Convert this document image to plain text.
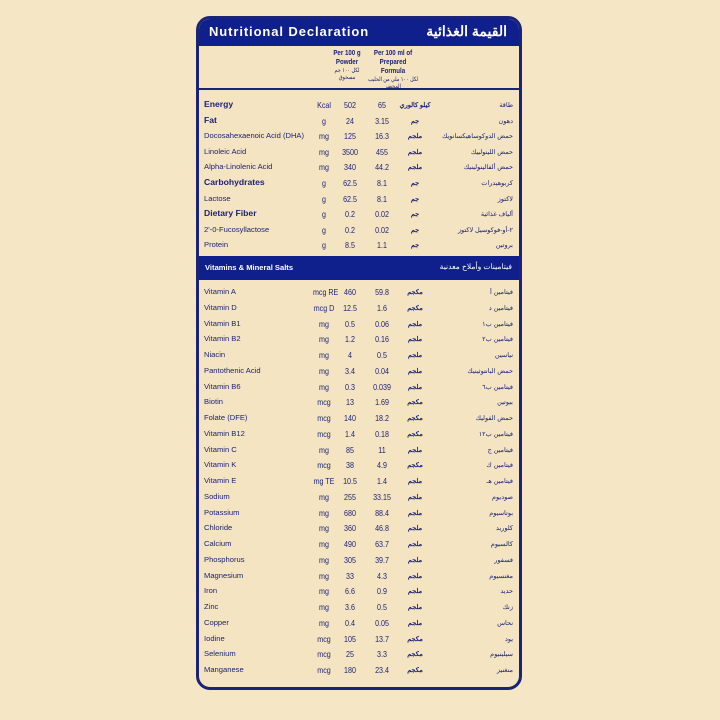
Nutritional Declaration	القيمة الغذائية
Per 100 g
Powder
لكل ١٠٠ جم مسحوق
Per 100 ml of
Prepared Formula
لكل ١٠٠ ملي من الحليب المحضر
Energy	Kcal	502	65	كيلو كالوري	طاقة
Fat	g	24	3.15	جم	دهون
Docosahexaenoic Acid (DHA)	mg	125	16.3	ملجم	حمض الدوكوساهيكسانويك
Linoleic Acid	mg	3500	455	ملجم	حمض اللينولييك
Alpha-Linolenic Acid	mg	340	44.2	ملجم	حمض ألفالينولينيك
Carbohydrates	g	62.5	8.1	جم	كربوهيدرات
Lactose	g	62.5	8.1	جم	لاكتوز
Dietary Fiber	g	0.2	0.02	جم	ألياف غذائية
2'-0-Fucosyllactose	g	0.2	0.02	جم	٢-أو-فوكوسيل لاكتوز
Protein	g	8.5	1.1	جم	بروتين
Vitamins & Mineral Salts	فيتامينات وأملاح معدنية
Vitamin A	mcg RE 460	59.8	مكجم	فيتامين أ
Vitamin D	mcg D	12.5	1.6	مكجم	فيتامين د
Vitamin B1	mg	0.5	0.06	ملجم	فيتامين ب١
Vitamin B2	mg	1.2	0.16	ملجم	فيتامين ب٢
Niacin	mg	4	0.5	ملجم	نياسين
Pantothenic Acid	mg	3.4	0.04	ملجم	حمض البانتوثينيك
Vitamin B6	mg	0.3	0.039	ملجم	فيتامين ب٦
Biotin	mcg	13	1.69	مكجم	بيوتين
Folate (DFE)	mcg	140	18.2	مكجم	حمض الفوليك
Vitamin B12	mcg	1.4	0.18	مكجم	فيتامين ب١٢
Vitamin C	mg	85	11	ملجم	فيتامين ج
Vitamin K	mcg	38	4.9	مكجم	فيتامين ك
Vitamin E	mg TE	10.5	1.4	ملجم	فيتامين هـ
Sodium	mg	255	33.15	ملجم	صوديوم
Potassium	mg	680	88.4	ملجم	بوتاسيوم
Chloride	mg	360	46.8	ملجم	كلوريد
Calcium	mg	490	63.7	ملجم	كالسيوم
Phosphorus	mg	305	39.7	ملجم	فسفور
Magnesium	mg	33	4.3	ملجم	مغنسيوم
Iron	mg	6.6	0.9	ملجم	حديد
Zinc	mg	3.6	0.5	ملجم	زنك
Copper	mg	0.4	0.05	ملجم	نحاس
Iodine	mcg	105	13.7	مكجم	يود
Selenium	mcg	25	3.3	مكجم	سيلينيوم
Manganese	mcg	180	23.4	مكجم	منغنيز
